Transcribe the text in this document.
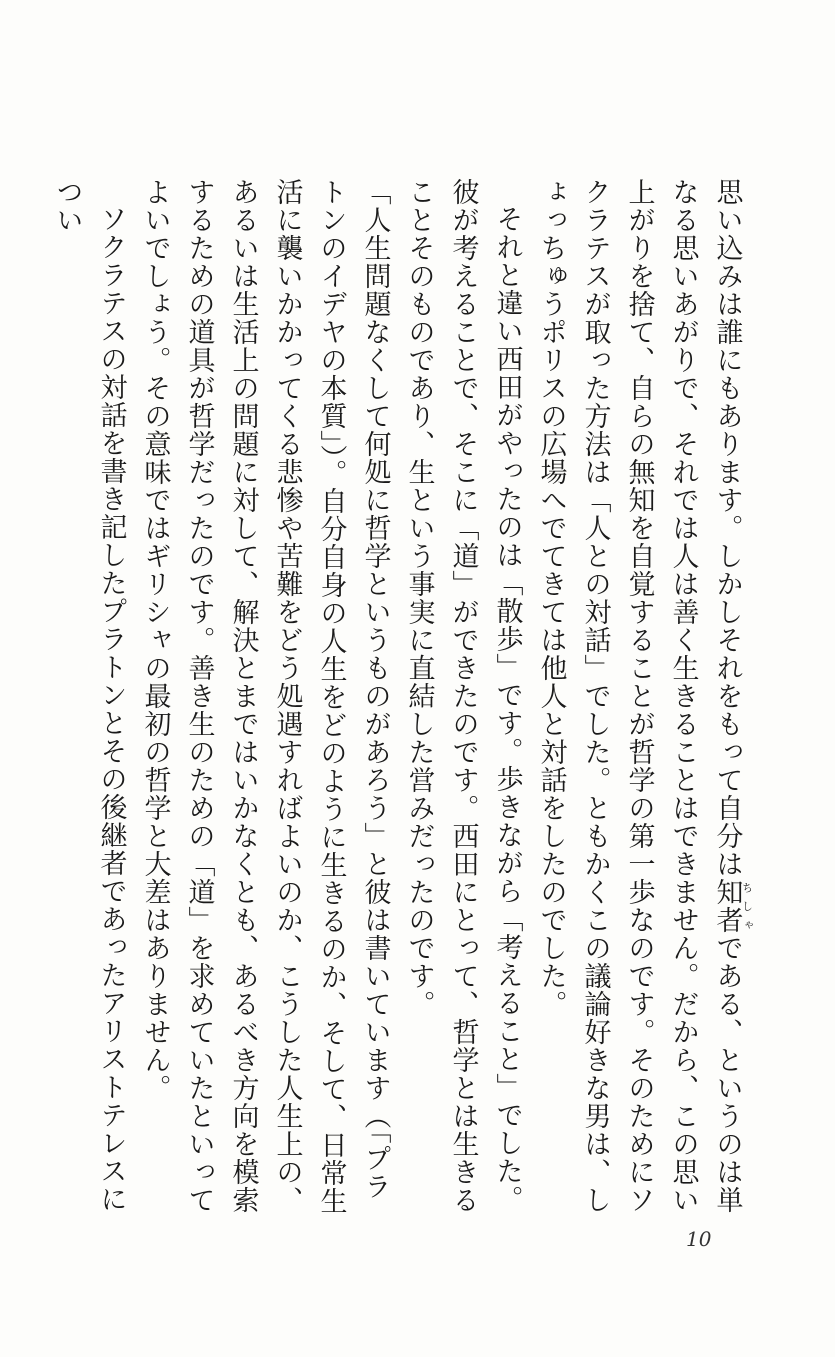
思い込みは誰にもあります。しかしそれをもって自分は知者ちしゃである、というのは単なる思いあがりで、それでは人は善く生きることはできません。だから、この思い上がりを捨て、自らの無知を自覚することが哲学の第一歩なのです。そのためにソクラテスが取った方法は「人との対話」でした。ともかくこの議論好きな男は、しょっちゅうポリスの広場へでてきては他人と対話をしたのでした。

それと違い西田がやったのは「散歩」です。歩きながら「考えること」でした。彼が考えることで、そこに「道」ができたのです。西田にとって、哲学とは生きることそのものであり、生という事実に直結した営みだったのです。

「人生問題なくして何処に哲学というものがあろう」と彼は書いています（「プラトンのイデヤの本質」）。自分自身の人生をどのように生きるのか、そして、日常生活に襲いかかってくる悲惨や苦難をどう処遇すればよいのか、こうした人生上の、あるいは生活上の問題に対して、解決とまではいかなくとも、あるべき方向を模索するための道具が哲学だったのです。善き生のための「道」を求めていたといってよいでしょう。その意味ではギリシャの最初の哲学と大差はありません。

ソクラテスの対話を書き記したプラトンとその後継者であったアリストテレスについ

10
